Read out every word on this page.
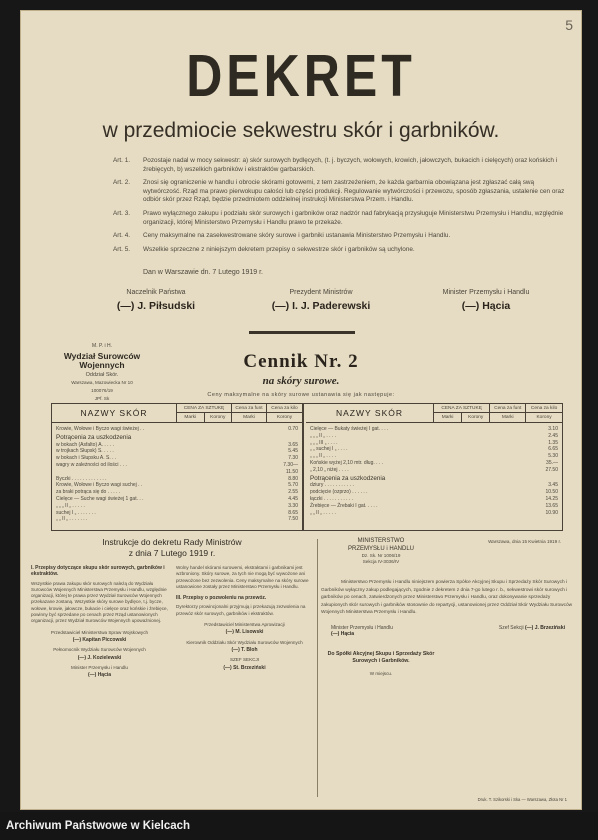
5
DEKRET
w przedmiocie sekwestru skór i garbników.
Art. 1.	Pozostaje nadal w mocy sekwestr: a) skór surowych bydlęcych, (t. j. byczych, wołowych, krowich, jałowczych, bukacich i cielęcych) oraz końskich i źrebięcych, b) wszelkich garbników i ekstraktów garbarskich.
Art. 2.	Znosi się ograniczenie w handlu i obrocie skórami gotowemi, z tem zastrzeżeniem, że każda garbarnia obowiązana jest zgłaszać całą swą wytwórczość. Rząd ma prawo pierwokupu całości lub części produkcji. Regulowanie wytwórczości i przewozu, sposób zgłaszania, ustalenie cen oraz odbiór skór przez Rząd, będzie przedmiotem oddzielnej instrukcji Ministerstwa Przem. i Handlu.
Art. 3.	Prawo wyłącznego zakupu i podziału skór surowych i garbników oraz nadzór nad fabrykacją przysługuje Ministerstwu Przemysłu i Handlu, względnie organizacji, której Ministerstwo Przemysłu i Handlu prawo te przekaże.
Art. 4.	Ceny maksymalne na zasekwestrowane skóry surowe i garbniki ustanawia Ministerstwo Przemysłu i Handlu.
Art. 5.	Wszelkie sprzeczne z niniejszym dekretem przepisy o sekwestrze skór i garbników są uchylone.
Dan w Warszawie dn. 7 Lutego 1919 r.
Naczelnik Państwa
(—) J. Piłsudski
Prezydent Ministrów
(—) I. J. Paderewski
Minister Przemysłu i Handlu
(—) Hącia
M. P. i H.
Wydział Surowców Wojennych
Oddział Skór.
Warszawa, Mazowiecka Nr 10
100076/19
JPf. Sk
Cennik Nr. 2
na skóry surowe.
Ceny maksymalne na skóry surowe ustanawia się jak następuje:
NAZWY SKÓR	CENA ZA SZTUKĘ
Marki	Korony
Cena za funt
Marki
Cena za kilo
Korony
Krowie, Wołowe i Byczo wagi świeżej . .	0.70
Potrącenia za uszkodzenia
w bokach (Asfalto) A. . . . .	3.65
w trojkach Słupsk) S. . . . .	5.45
w bokach i Słupsku A. S. . .	7.30
wagry w zależności od ilości . . .	7.30—11.50
Byczki . . . . . . . . . . . . .	8.80
Krowie, Wołowe i Byczo wagi suchej . .	5.70
za braki potrąca się do . . . . .	2.55
Cielęce — Suche wagi świeżej 1 gat. . .	4.45
„ „ „ II „ . . . . .	3.30
suchej I „ . . . . . . .	8.65
„ „ II „ . . . . . . .	7.50
NAZWY SKÓR	CENA ZA SZTUKĘ
Marki	Korony
Cena za funt
Marki
Cena za kilo
Korony
Cielęce — Bukaty świeżej I gat. . . .	3.10
„ „ „ II „ . . . .	2.45
„ „ „ III „ . . . .	1.35
„ „ suchej I „ . . . .	6.65
„ „ „ II „ . . . .	5.30
Końskie wyżej 2,10 mtr. dług. . . .	35.—
„ 2,10 „ niżej . . . .	27.50
Potrącenia za uszkodzenia
dziury . . . . . . . . . . .	3.45
podcięcie (ozprzo) . . . . . .	10.50
łączki . . . . . . . . . . .	14.25
Źrebięce — Źrebaki I gat. . . . .	13.65
„ „ II „ . . . . .	10.90
Instrukcje do dekretu Rady Ministrów
z dnia 7 Lutego 1919 r.
I. Przepisy dotyczące skupu skór surowych, garbników i ekstraktów.
Wszystkie prawa zakupu skór surowych należą do Wydziału Surowców Wojennych Ministerstwa Przemysłu i Handlu, względnie organizacji, której te prawa przez Wydział Surowców Wojennych przekazane zostaną. Wszystkie skóry surowe bydlęce, t.j. bycze, wołowe, krowie, jałowcze, bukacie i cielęce oraz końskie i źrebięce, powinny być sprzedane po cenach przez Rząd ustanowionych organizacji, przez Wydział Surowców Wojennych upoważnionej.
Przedstawiciel Ministerstwa Spraw Wojskowych
(—) Kapitan Piccowski
Pełnomocnik Wydziału Surowców Wojennych
(—) J. Kozielewski
Minister Przemysłu i Handlu
(—) Hącia
Wolny handel skórami surowemi, ekstraktami i garbnikami jest wzbroniony. Skóry surowe, za tych nie mogą być wywożone ani przewożone bez zezwolenia. Ceny maksymalne na skóry surowe ustanowione zostały przez Ministerstwo Przemysłu i Handlu.
III. Przepisy o pozwoleniu na przewóz.
Dyrektorzy prowincjonalni przyjmują i przekazują zezwolenia na przewóz skór surowych, garbników i ekstraktów.
Przedstawiciel Ministerstwa Aprowizacji
(—) M. Lisowski
Kierownik Oddziału Skór Wydziału Surowców Wojennych
(—) T. Bloh
SZEF SEKCJI
(—) St. Brzeziński
Warszawa, dnia 15 Kwietnia 1919 r.
MINISTERSTWO
PRZEMYSŁU i HANDLU
Dz. Sk. Nr 1006/19
Sekcja IV-3036/IV
Ministerstwo Przemysłu i Handlu niniejszem powierza Spółce Akcyjnej Skupu i Sprzedaży Skór Surowych i Garbników wyłączny zakup podlegających, zgodnie z dekretem z dnia 7-go lutego r. b., sekwestrowi skór surowych i garbników po cenach, zatwierdzonych przez Ministerstwo Przemysłu i Handlu, oraz dokonywanie sprzedaży zakupionych skór surowych i garbników stosownie do repartycji, ustanowionej przez Oddział Skór Wydziału Surowców Wojennych Ministerstwa Przemysłu i Handlu.
Minister Przemysłu i Handlu
(—) Hącia
Szef Sekcji (—) J. Brzeziński
Do Spółki Akcyjnej Skupu i Sprzedaży Skór Surowych i Garbników.
W miejscu.
Druk. T. Szikorski i Ska — Warszawa, Złota Nr 1
Archiwum Państwowe w Kielcach
